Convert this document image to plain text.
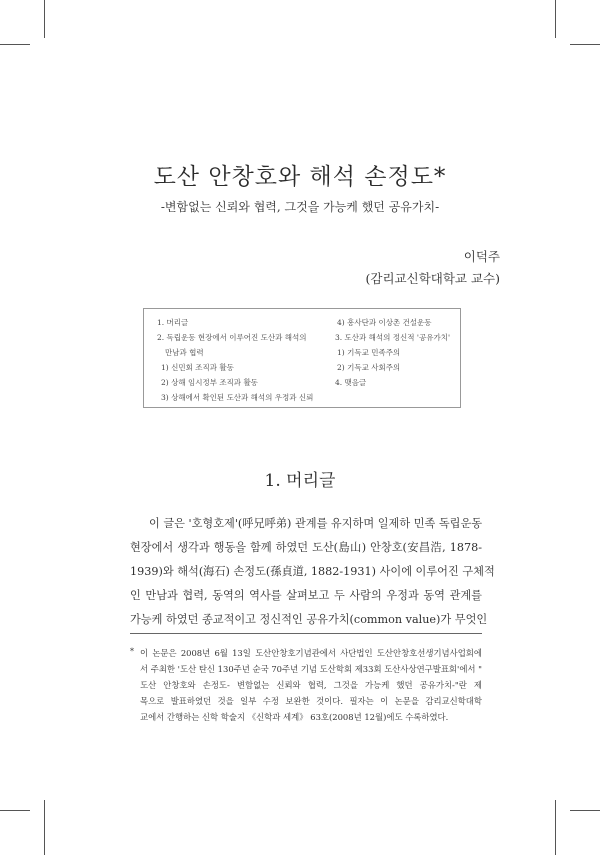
도산 안창호와 해석 손정도*
-변함없는 신뢰와 협력, 그것을 가능케 했던 공유가치-
이덕주
(감리교신학대학교 교수)
1. 머리글
2. 독립운동 현장에서 이루어진 도산과 해석의
만남과 협력
1) 신민회 조직과 활동
2) 상해 임시정부 조직과 활동
3) 상해에서 확인된 도산과 해석의 우정과 신뢰
4) 흥사단과 이상촌 건설운동
3. 도산과 해석의 정신적 '공유가치'
1) 기독교 민족주의
2) 기독교 사회주의
4. 맺음글
1. 머리글
이 글은 '호형호제'(呼兄呼弟) 관계를 유지하며 일제하 민족 독립운동
현장에서 생각과 행동을 함께 하였던 도산(島山) 안창호(安昌浩, 1878-
1939)와 해석(海石) 손정도(孫貞道, 1882-1931) 사이에 이루어진 구체적
인 만남과 협력, 동역의 역사를 살펴보고 두 사람의 우정과 동역 관계를
가능케 하였던 종교적이고 정신적인 공유가치(common value)가 무엇인
* 이 논문은 2008년 6월 13일 도산안창호기념관에서 사단법인 도산안창호선생기념사업회에
서 주최한 '도산 탄신 130주년 순국 70주년 기념 도산학회 제33회 도산사상연구발표회'에서 "
도산 안창호와 손정도- 변함없는 신뢰와 협력, 그것을 가능케 했던 공유가치-"란 제
목으로 발표하였던 것을 일부 수정 보완한 것이다. 필자는 이 논문을 감리교신학대학
교에서 간행하는 신학 학술지 《신학과 세계》 63호(2008년 12월)에도 수록하였다.
